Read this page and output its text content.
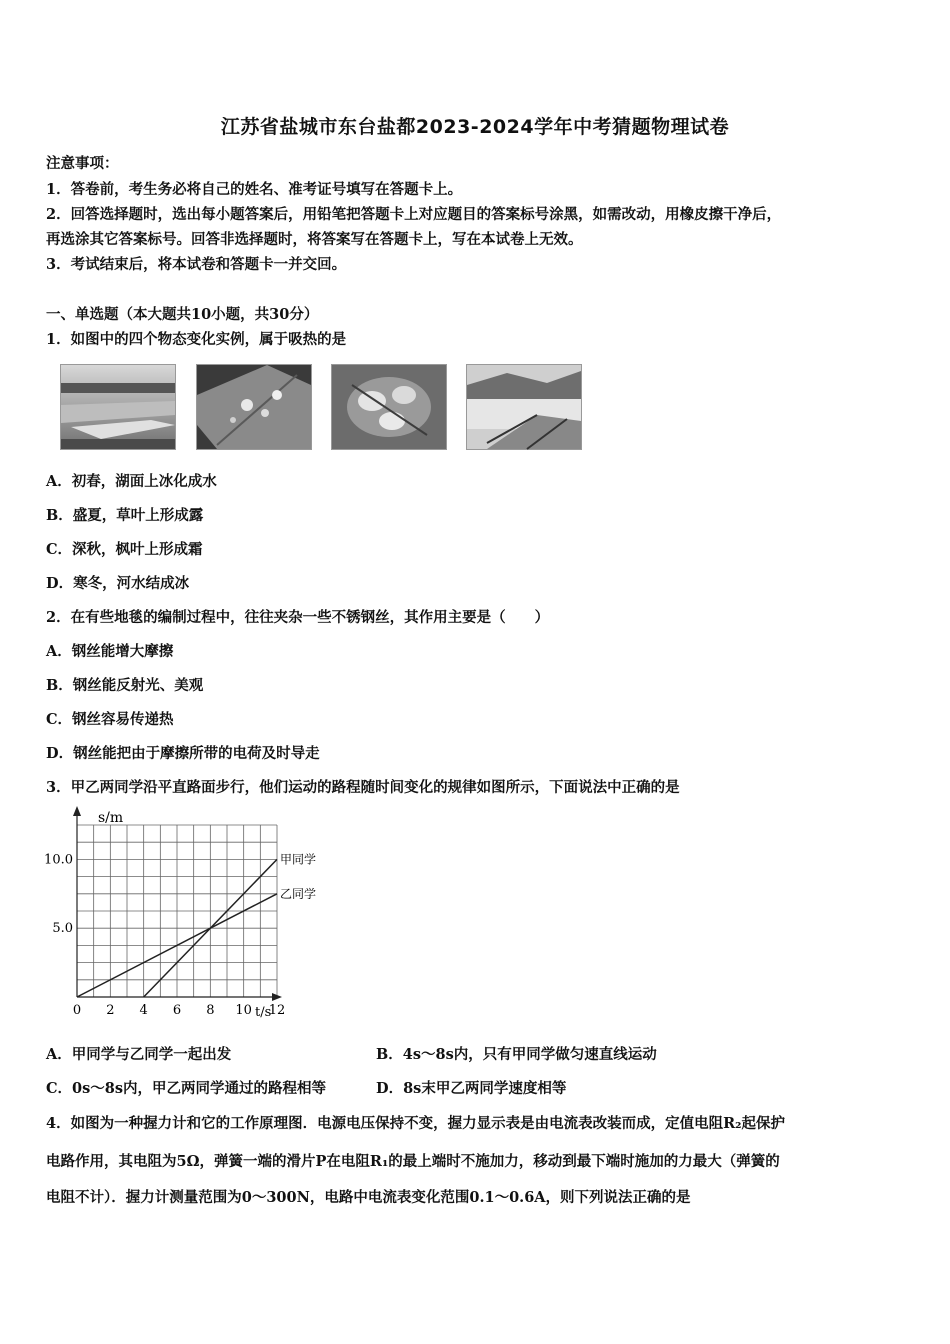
江苏省盐城市东台盐都2023-2024学年中考猜题物理试卷
注意事项：
1．答卷前，考生务必将自己的姓名、准考证号填写在答题卡上。
2．回答选择题时，选出每小题答案后，用铅笔把答题卡上对应题目的答案标号涂黑，如需改动，用橡皮擦干净后，
再选涂其它答案标号。回答非选择题时，将答案写在答题卡上，写在本试卷上无效。
3．考试结束后，将本试卷和答题卡一并交回。
一、单选题（本大题共10小题，共30分）
1．如图中的四个物态变化实例，属于吸热的是
A．初春，湖面上冰化成水
B．盛夏，草叶上形成露
C．深秋，枫叶上形成霜
D．寒冬，河水结成冰
2．在有些地毯的编制过程中，往往夹杂一些不锈钢丝，其作用主要是（　　）
A．钢丝能增大摩擦
B．钢丝能反射光、美观
C．钢丝容易传递热
D．钢丝能把由于摩擦所带的电荷及时导走
3．甲乙两同学沿平直路面步行，他们运动的路程随时间变化的规律如图所示，下面说法中正确的是
s/m
t/s
0 2 4 6 8 10 12
5.0
10.0	甲同学
乙同学
A．甲同学与乙同学一起出发	B．4s～8s内，只有甲同学做匀速直线运动
C．0s～8s内，甲乙两同学通过的路程相等	D．8s末甲乙两同学速度相等
4．如图为一种握力计和它的工作原理图．电源电压保持不变，握力显示表是由电流表改装而成，定值电阻R₂起保护
电路作用，其电阻为5Ω，弹簧一端的滑片P在电阻R₁的最上端时不施加力，移动到最下端时施加的力最大（弹簧的
电阻不计）．握力计测量范围为0～300N，电路中电流表变化范围0.1～0.6A，则下列说法正确的是
